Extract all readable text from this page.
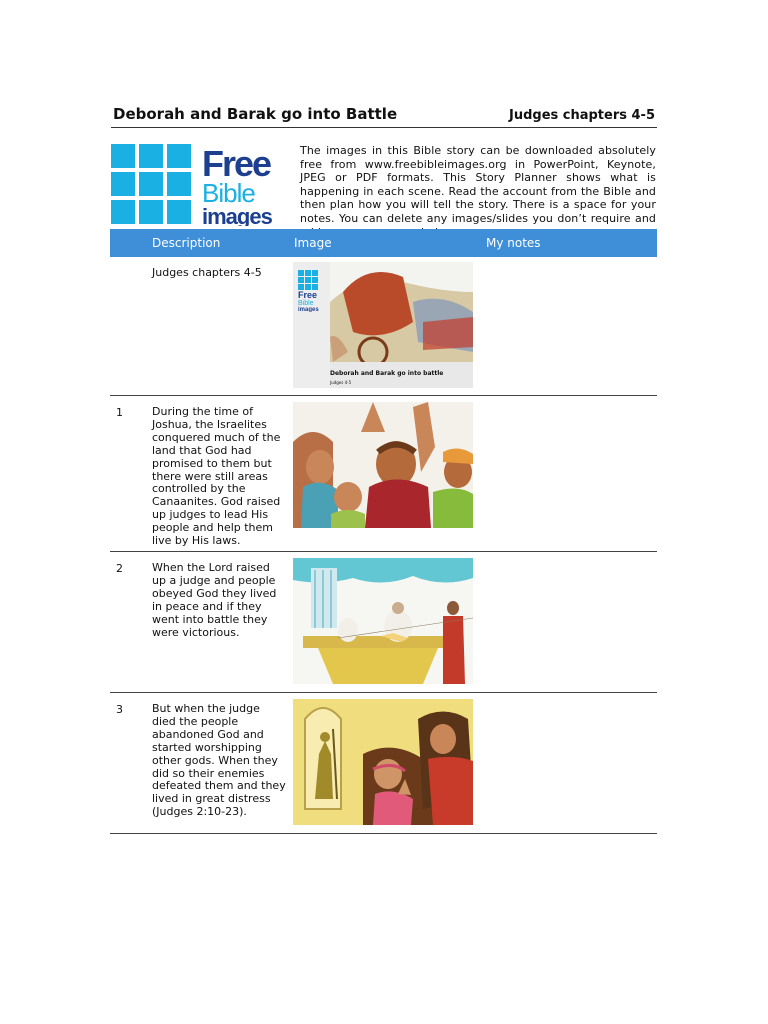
Deborah and Barak go into Battle	Judges chapters 4-5
Free
Bible
images
The images in this Bible story can be downloaded absolutely free from www.freebibleimages.org in PowerPoint, Keynote, JPEG or PDF formats. This Story Planner shows what is happening in each scene. Read the account from the Bible and then plan how you will tell the story. There is a space for your notes. You can delete any images/slides you don’t require and
Description	Image	My notes
Judges chapters 4-5
Free
Bible
images
Deborah and Barak go into battle
Judges 4-5
1	During the time of Joshua, the Israelites conquered much of the land that God had promised to them but there were still areas controlled by the Canaanites. God raised up judges to lead His people and help them live by His laws.
2	When the Lord raised up a judge and people obeyed God they lived in peace and if they went into battle they were victorious.
3	But when the judge died the people abandoned God and started worshipping other gods. When they did so their enemies defeated them and they lived in great distress (Judges 2:10-23).
